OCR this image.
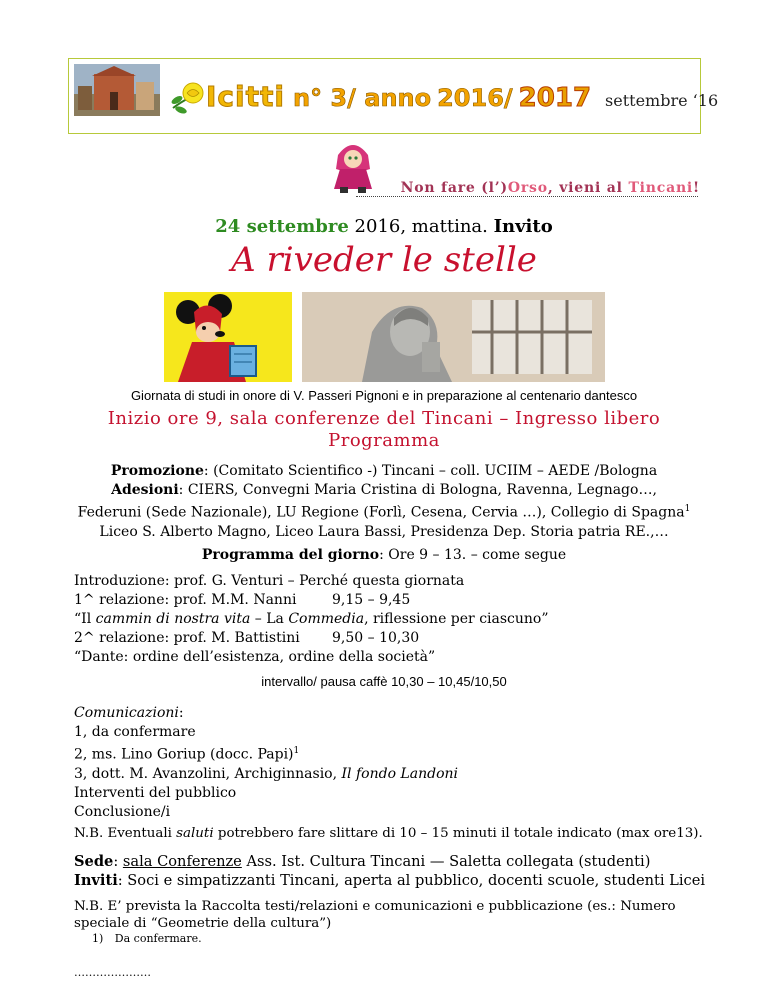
Icitti n° 3/ anno 2016/ 2017 settembre ‘16
Non fare (l’)Orso, vieni al Tincani!
24 settembre 2016, mattina. Invito
A riveder le stelle
Giornata di studi in onore di V. Passeri Pignoni e in preparazione al centenario dantesco
Inizio ore 9, sala conferenze del Tincani – Ingresso libero
Programma
Promozione: (Comitato Scientifico -) Tincani – coll. UCIIM – AEDE /Bologna
Adesioni: CIERS, Convegni Maria Cristina di Bologna, Ravenna, Legnago…,
Federuni (Sede Nazionale), LU Regione (Forlì, Cesena, Cervia …), Collegio di Spagna$^1$
Liceo S. Alberto Magno, Liceo Laura Bassi, Presidenza Dep. Storia patria RE.,…
Programma del giorno: Ore 9 – 13. – come segue
Introduzione: prof. G. Venturi – Perché questa giornata
1^ relazione: prof. M.M. Nanni	9,15 – 9,45
“Il cammin di nostra vita – La Commedia, riflessione per ciascuno”
2^ relazione: prof. M. Battistini 9,50 – 10,30
“Dante: ordine dell’esistenza, ordine della società”
intervallo/ pausa caffè 10,30 – 10,45/10,50
Comunicazioni:
1, da confermare
2, ms. Lino Goriup (docc. Papi)$^1$
3, dott. M. Avanzolini, Archiginnasio, Il fondo Landoni
Interventi del pubblico
Conclusione/i
N.B. Eventuali saluti potrebbero fare slittare di 10 – 15 minuti il totale indicato (max ore13).
Sede: sala Conferenze Ass. Ist. Cultura Tincani — Saletta collegata (studenti)
Inviti: Soci e simpatizzanti Tincani, aperta al pubblico, docenti scuole, studenti Licei
N.B. E’ prevista la Raccolta testi/relazioni e comunicazioni e pubblicazione (es.: Numero
speciale di “Geometrie della cultura”)
1) Da confermare.
…………………
